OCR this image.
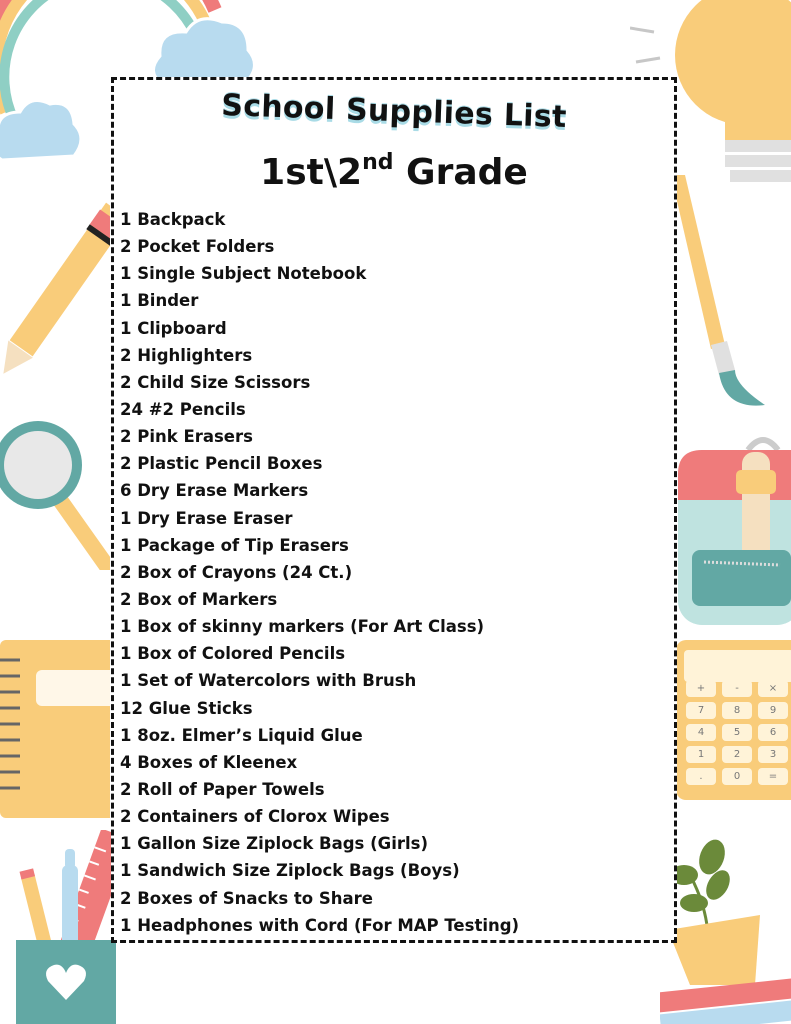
+	-	×
7	8	9
4	5	6
1	2	3
.	0	=
School Supplies List
1st\2nd Grade
1 Backpack
2 Pocket Folders
1 Single Subject Notebook
1 Binder
1 Clipboard
2 Highlighters
2 Child Size Scissors
24 #2 Pencils
2 Pink Erasers
2 Plastic Pencil Boxes
6 Dry Erase Markers
1 Dry Erase Eraser
1 Package of Tip Erasers
2 Box of Crayons (24 Ct.)
2 Box of Markers
1 Box of skinny markers (For Art Class)
1 Box of Colored Pencils
1 Set of Watercolors with Brush
12 Glue Sticks
1 8oz. Elmer’s Liquid Glue
4 Boxes of Kleenex
2 Roll of Paper Towels
2 Containers of Clorox Wipes
1 Gallon Size Ziplock Bags (Girls)
1 Sandwich Size Ziplock Bags (Boys)
2 Boxes of Snacks to Share
1 Headphones with Cord (For MAP Testing)
